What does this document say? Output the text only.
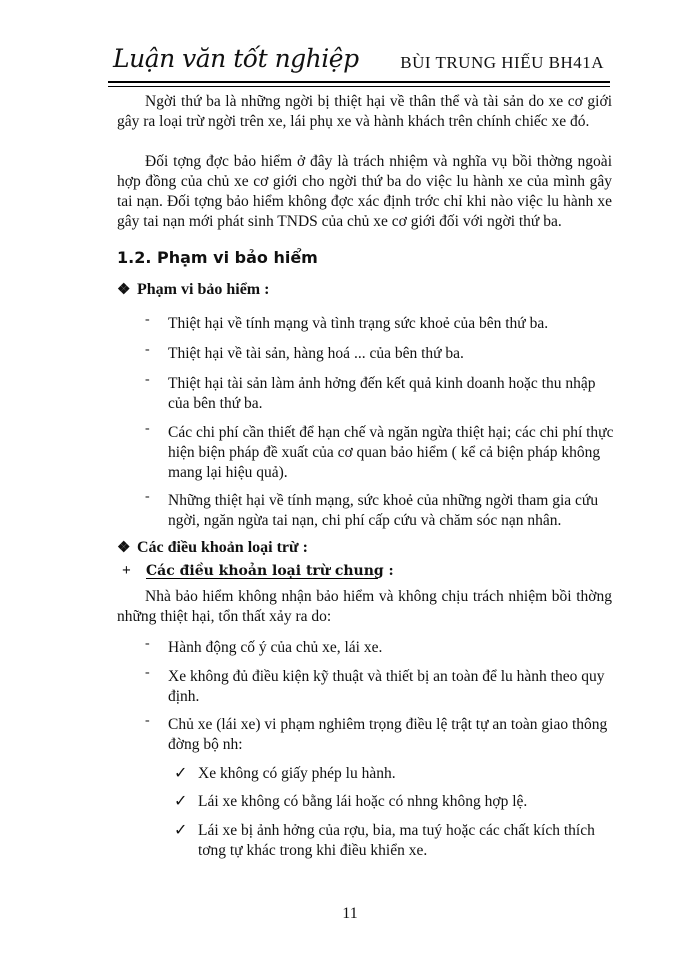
Luận văn tốt nghiệp BÙI TRUNG HIẾU BH41A
Ngời thứ ba là những ngời bị thiệt hại về thân thể và tài sản do xe cơ giới gây ra loại trừ ngời trên xe, lái phụ xe và hành khách trên chính chiếc xe đó.
Đối tợng đợc bảo hiểm ở đây là trách nhiệm và nghĩa vụ bồi thờng ngoài hợp đồng của chủ xe cơ giới cho ngời thứ ba do việc lu hành xe của mình gây tai nạn. Đối tợng bảo hiểm không đợc xác định trớc chỉ khi nào việc lu hành xe gây tai nạn mới phát sinh TNDS của chủ xe cơ giới đối với ngời thứ ba.
1.2. Phạm vi bảo hiểm
❖ Phạm vi bảo hiểm :
- Thiệt hại về tính mạng và tình trạng sức khoẻ của bên thứ ba.
- Thiệt hại về tài sản, hàng hoá ... của bên thứ ba.
- Thiệt hại tài sản làm ảnh hởng đến kết quả kinh doanh hoặc thu nhập của bên thứ ba.
- Các chi phí cần thiết để hạn chế và ngăn ngừa thiệt hại; các chi phí thực hiện biện pháp đề xuất của cơ quan bảo hiểm ( kể cả biện pháp không mang lại hiệu quả).
- Những thiệt hại về tính mạng, sức khoẻ của những ngời tham gia cứu ngời, ngăn ngừa tai nạn, chi phí cấp cứu và chăm sóc nạn nhân.
❖ Các điều khoản loại trừ :
+ Các điều khoản loại trừ chung :
Nhà bảo hiểm không nhận bảo hiểm và không chịu trách nhiệm bồi thờng những thiệt hại, tổn thất xảy ra do:
- Hành động cố ý của chủ xe, lái xe.
- Xe không đủ điều kiện kỹ thuật và thiết bị an toàn để lu hành theo quy định.
- Chủ xe (lái xe) vi phạm nghiêm trọng điều lệ trật tự an toàn giao thông đờng bộ nh:
✓ Xe không có giấy phép lu hành.
✓ Lái xe không có bằng lái hoặc có nhng không hợp lệ.
✓ Lái xe bị ảnh hởng của rợu, bia, ma tuý hoặc các chất kích thích tơng tự khác trong khi điều khiển xe.
11
